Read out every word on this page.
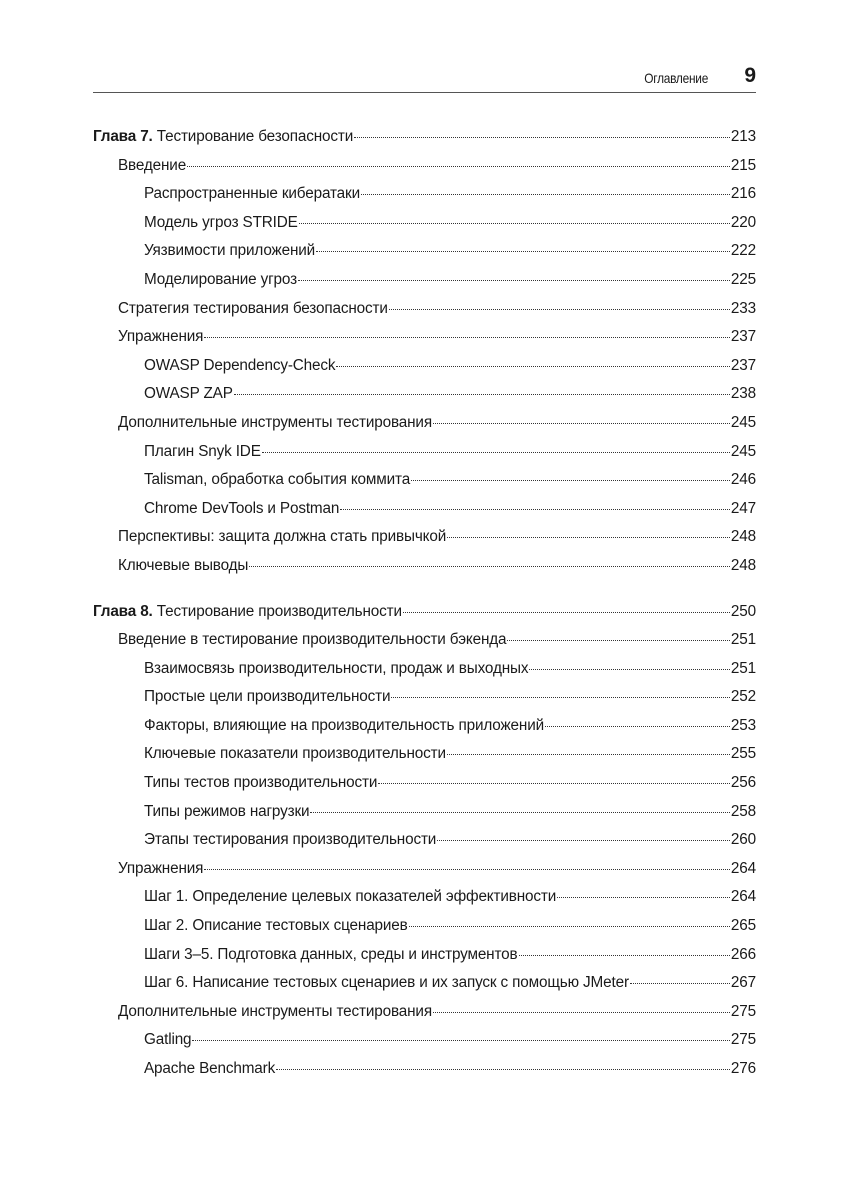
Оглавление 9
Глава 7. Тестирование безопасности	213
Введение	215
Распространенные кибератаки	216
Модель угроз STRIDE	220
Уязвимости приложений	222
Моделирование угроз	225
Стратегия тестирования безопасности	233
Упражнения	237
OWASP Dependency-Check	237
OWASP ZAP	238
Дополнительные инструменты тестирования	245
Плагин Snyk IDE	245
Talisman, обработка события коммита	246
Chrome DevTools и Postman	247
Перспективы: защита должна стать привычкой	248
Ключевые выводы	248
Глава 8. Тестирование производительности	250
Введение в тестирование производительности бэкенда	251
Взаимосвязь производительности, продаж и выходных	251
Простые цели производительности	252
Факторы, влияющие на производительность приложений	253
Ключевые показатели производительности	255
Типы тестов производительности	256
Типы режимов нагрузки	258
Этапы тестирования производительности	260
Упражнения	264
Шаг 1. Определение целевых показателей эффективности	264
Шаг 2. Описание тестовых сценариев	265
Шаги 3–5. Подготовка данных, среды и инструментов	266
Шаг 6. Написание тестовых сценариев и их запуск с помощью JMeter	267
Дополнительные инструменты тестирования	275
Gatling	275
Apache Benchmark	276
